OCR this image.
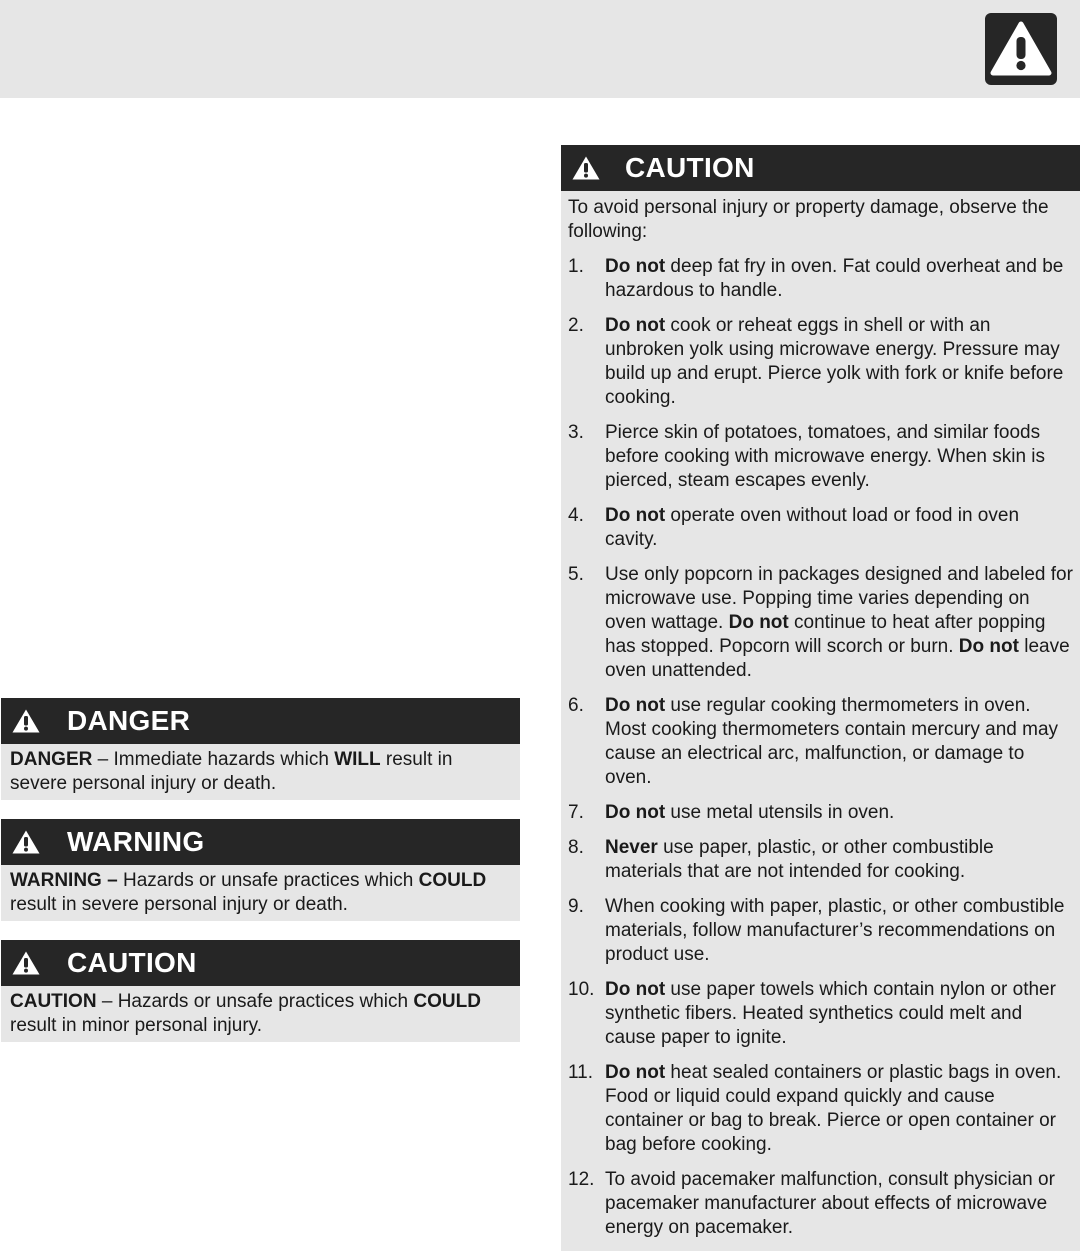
DANGER
DANGER – Immediate hazards which WILL result in severe personal injury or death.
WARNING
WARNING – Hazards or unsafe practices which COULD result in severe personal injury or death.
CAUTION
CAUTION – Hazards or unsafe practices which COULD result in minor personal injury.
CAUTION
To avoid personal injury or property damage, observe the following:
1.	Do not deep fat fry in oven. Fat could overheat and be hazardous to handle.
2.	Do not cook or reheat eggs in shell or with an unbroken yolk using microwave energy. Pressure may build up and erupt. Pierce yolk with fork or knife before cooking.
3.	Pierce skin of potatoes, tomatoes, and similar foods before cooking with microwave energy. When skin is pierced, steam escapes evenly.
4.	Do not operate oven without load or food in oven cavity.
5.	Use only popcorn in packages designed and labeled for microwave use. Popping time varies depending on oven wattage. Do not continue to heat after popping has stopped. Popcorn will scorch or burn. Do not leave oven unattended.
6.	Do not use regular cooking thermometers in oven. Most cooking thermometers contain mercury and may cause an electrical arc, malfunction, or damage to oven.
7.	Do not use metal utensils in oven.
8.	Never use paper, plastic, or other combustible materials that are not intended for cooking.
9.	When cooking with paper, plastic, or other combustible materials, follow manufacturer’s recommendations on product use.
10. Do not use paper towels which contain nylon or other synthetic fibers. Heated synthetics could melt and cause paper to ignite.
11. Do not heat sealed containers or plastic bags in oven. Food or liquid could expand quickly and cause container or bag to break. Pierce or open container or bag before cooking.
12. To avoid pacemaker malfunction, consult physician or pacemaker manufacturer about effects of microwave energy on pacemaker.
